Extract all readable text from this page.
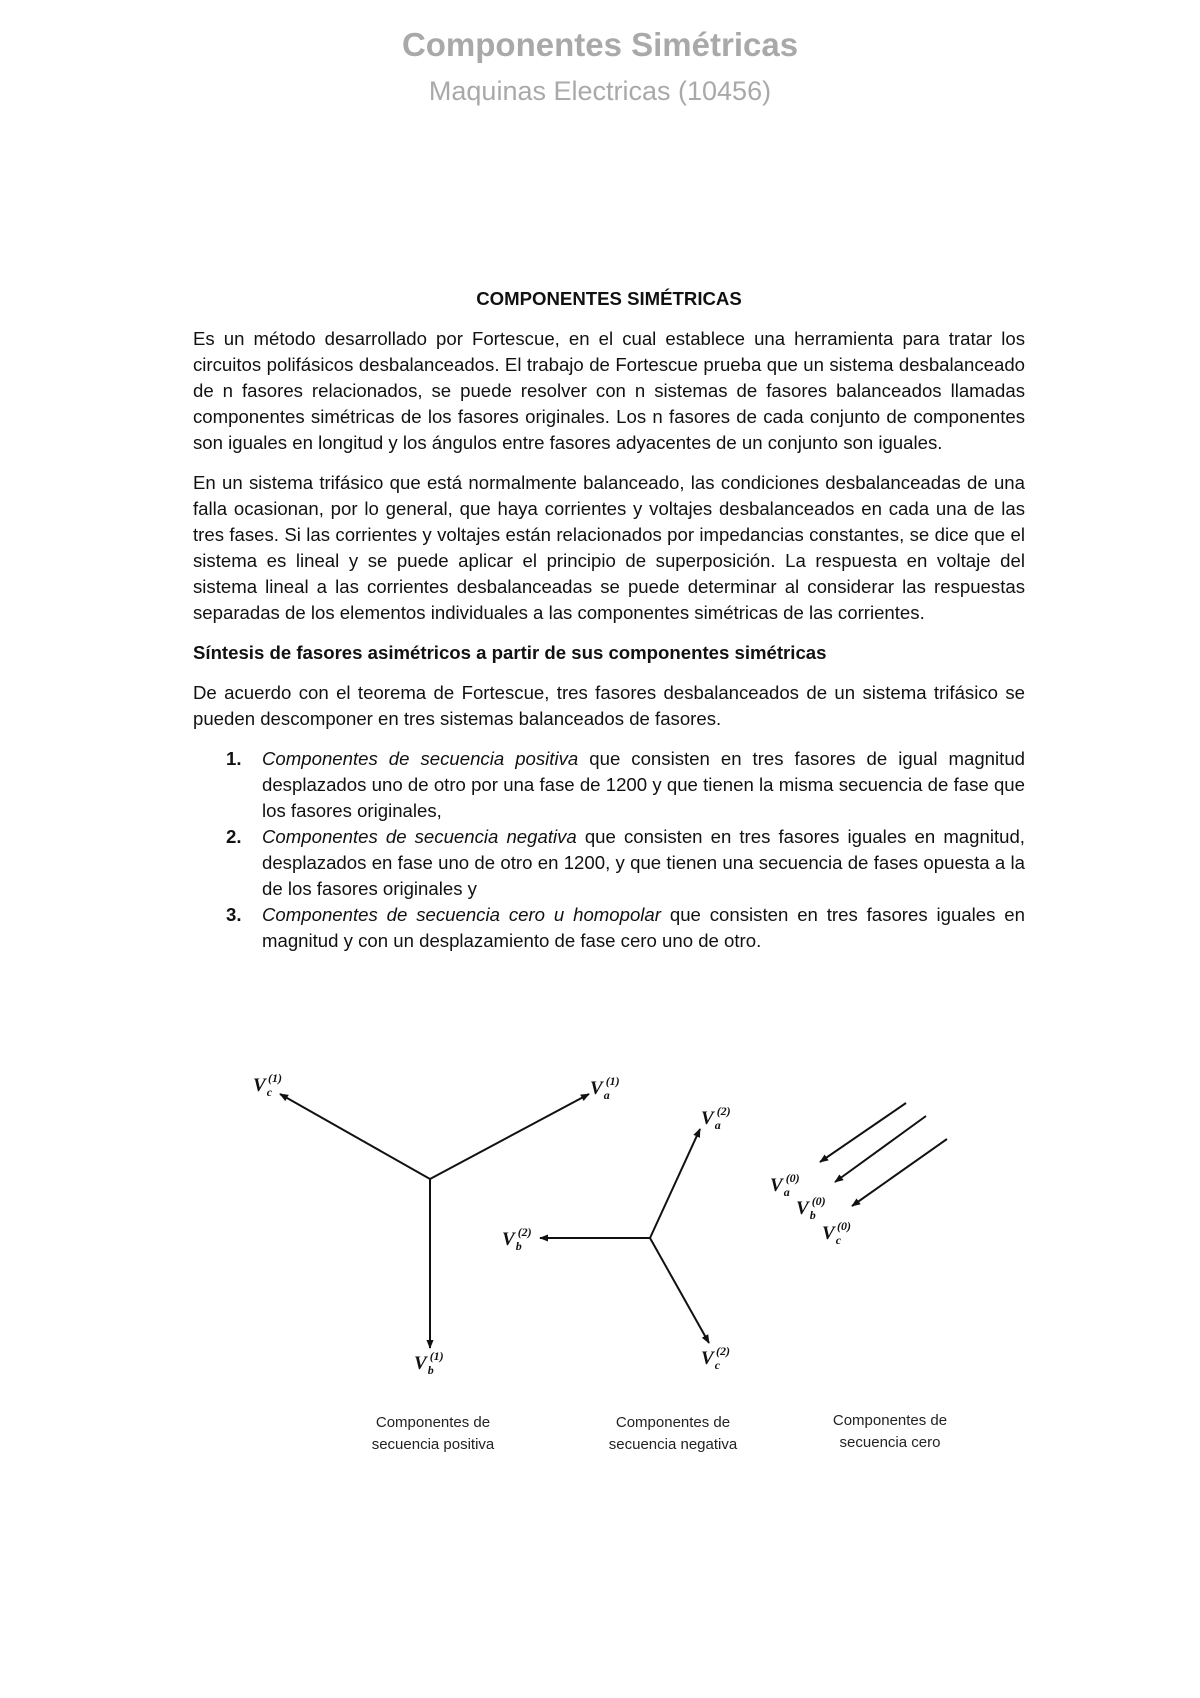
Componentes Simétricas
Maquinas Electricas (10456)
COMPONENTES SIMÉTRICAS

Es un método desarrollado por Fortescue, en el cual establece una herramienta para tratar los circuitos polifásicos desbalanceados. El trabajo de Fortescue prueba que un sistema desbalanceado de n fasores relacionados, se puede resolver con n sistemas de fasores balanceados llamadas componentes simétricas de los fasores originales. Los n fasores de cada conjunto de componentes son iguales en longitud y los ángulos entre fasores adyacentes de un conjunto son iguales.

En un sistema trifásico que está normalmente balanceado, las condiciones desbalanceadas de una falla ocasionan, por lo general, que haya corrientes y voltajes desbalanceados en cada una de las tres fases. Si las corrientes y voltajes están relacionados por impedancias constantes, se dice que el sistema es lineal y se puede aplicar el principio de superposición. La respuesta en voltaje del sistema lineal a las corrientes desbalanceadas se puede determinar al considerar las respuestas separadas de los elementos individuales a las componentes simétricas de las corrientes.

Síntesis de fasores asimétricos a partir de sus componentes simétricas

De acuerdo con el teorema de Fortescue, tres fasores desbalanceados de un sistema trifásico se pueden descomponer en tres sistemas balanceados de fasores.

1. Componentes de secuencia positiva que consisten en tres fasores de igual magnitud desplazados uno de otro por una fase de 1200 y que tienen la misma secuencia de fase que los fasores originales,
2. Componentes de secuencia negativa que consisten en tres fasores iguales en magnitud, desplazados en fase uno de otro en 1200, y que tienen una secuencia de fases opuesta a la de los fasores originales y
3. Componentes de secuencia cero u homopolar que consisten en tres fasores iguales en magnitud y con un desplazamiento de fase cero uno de otro.
$V_a(1)$
$V_c(1)$
$V_b(1)$
Componentes de
secuencia positiva
$V_a(2)$
$V_b(2)$
$V_c(2)$
Componentes de
secuencia negativa
$V_a(0)$
$V_b(0)$
$V_c(0)$
Componentes de
secuencia cero
